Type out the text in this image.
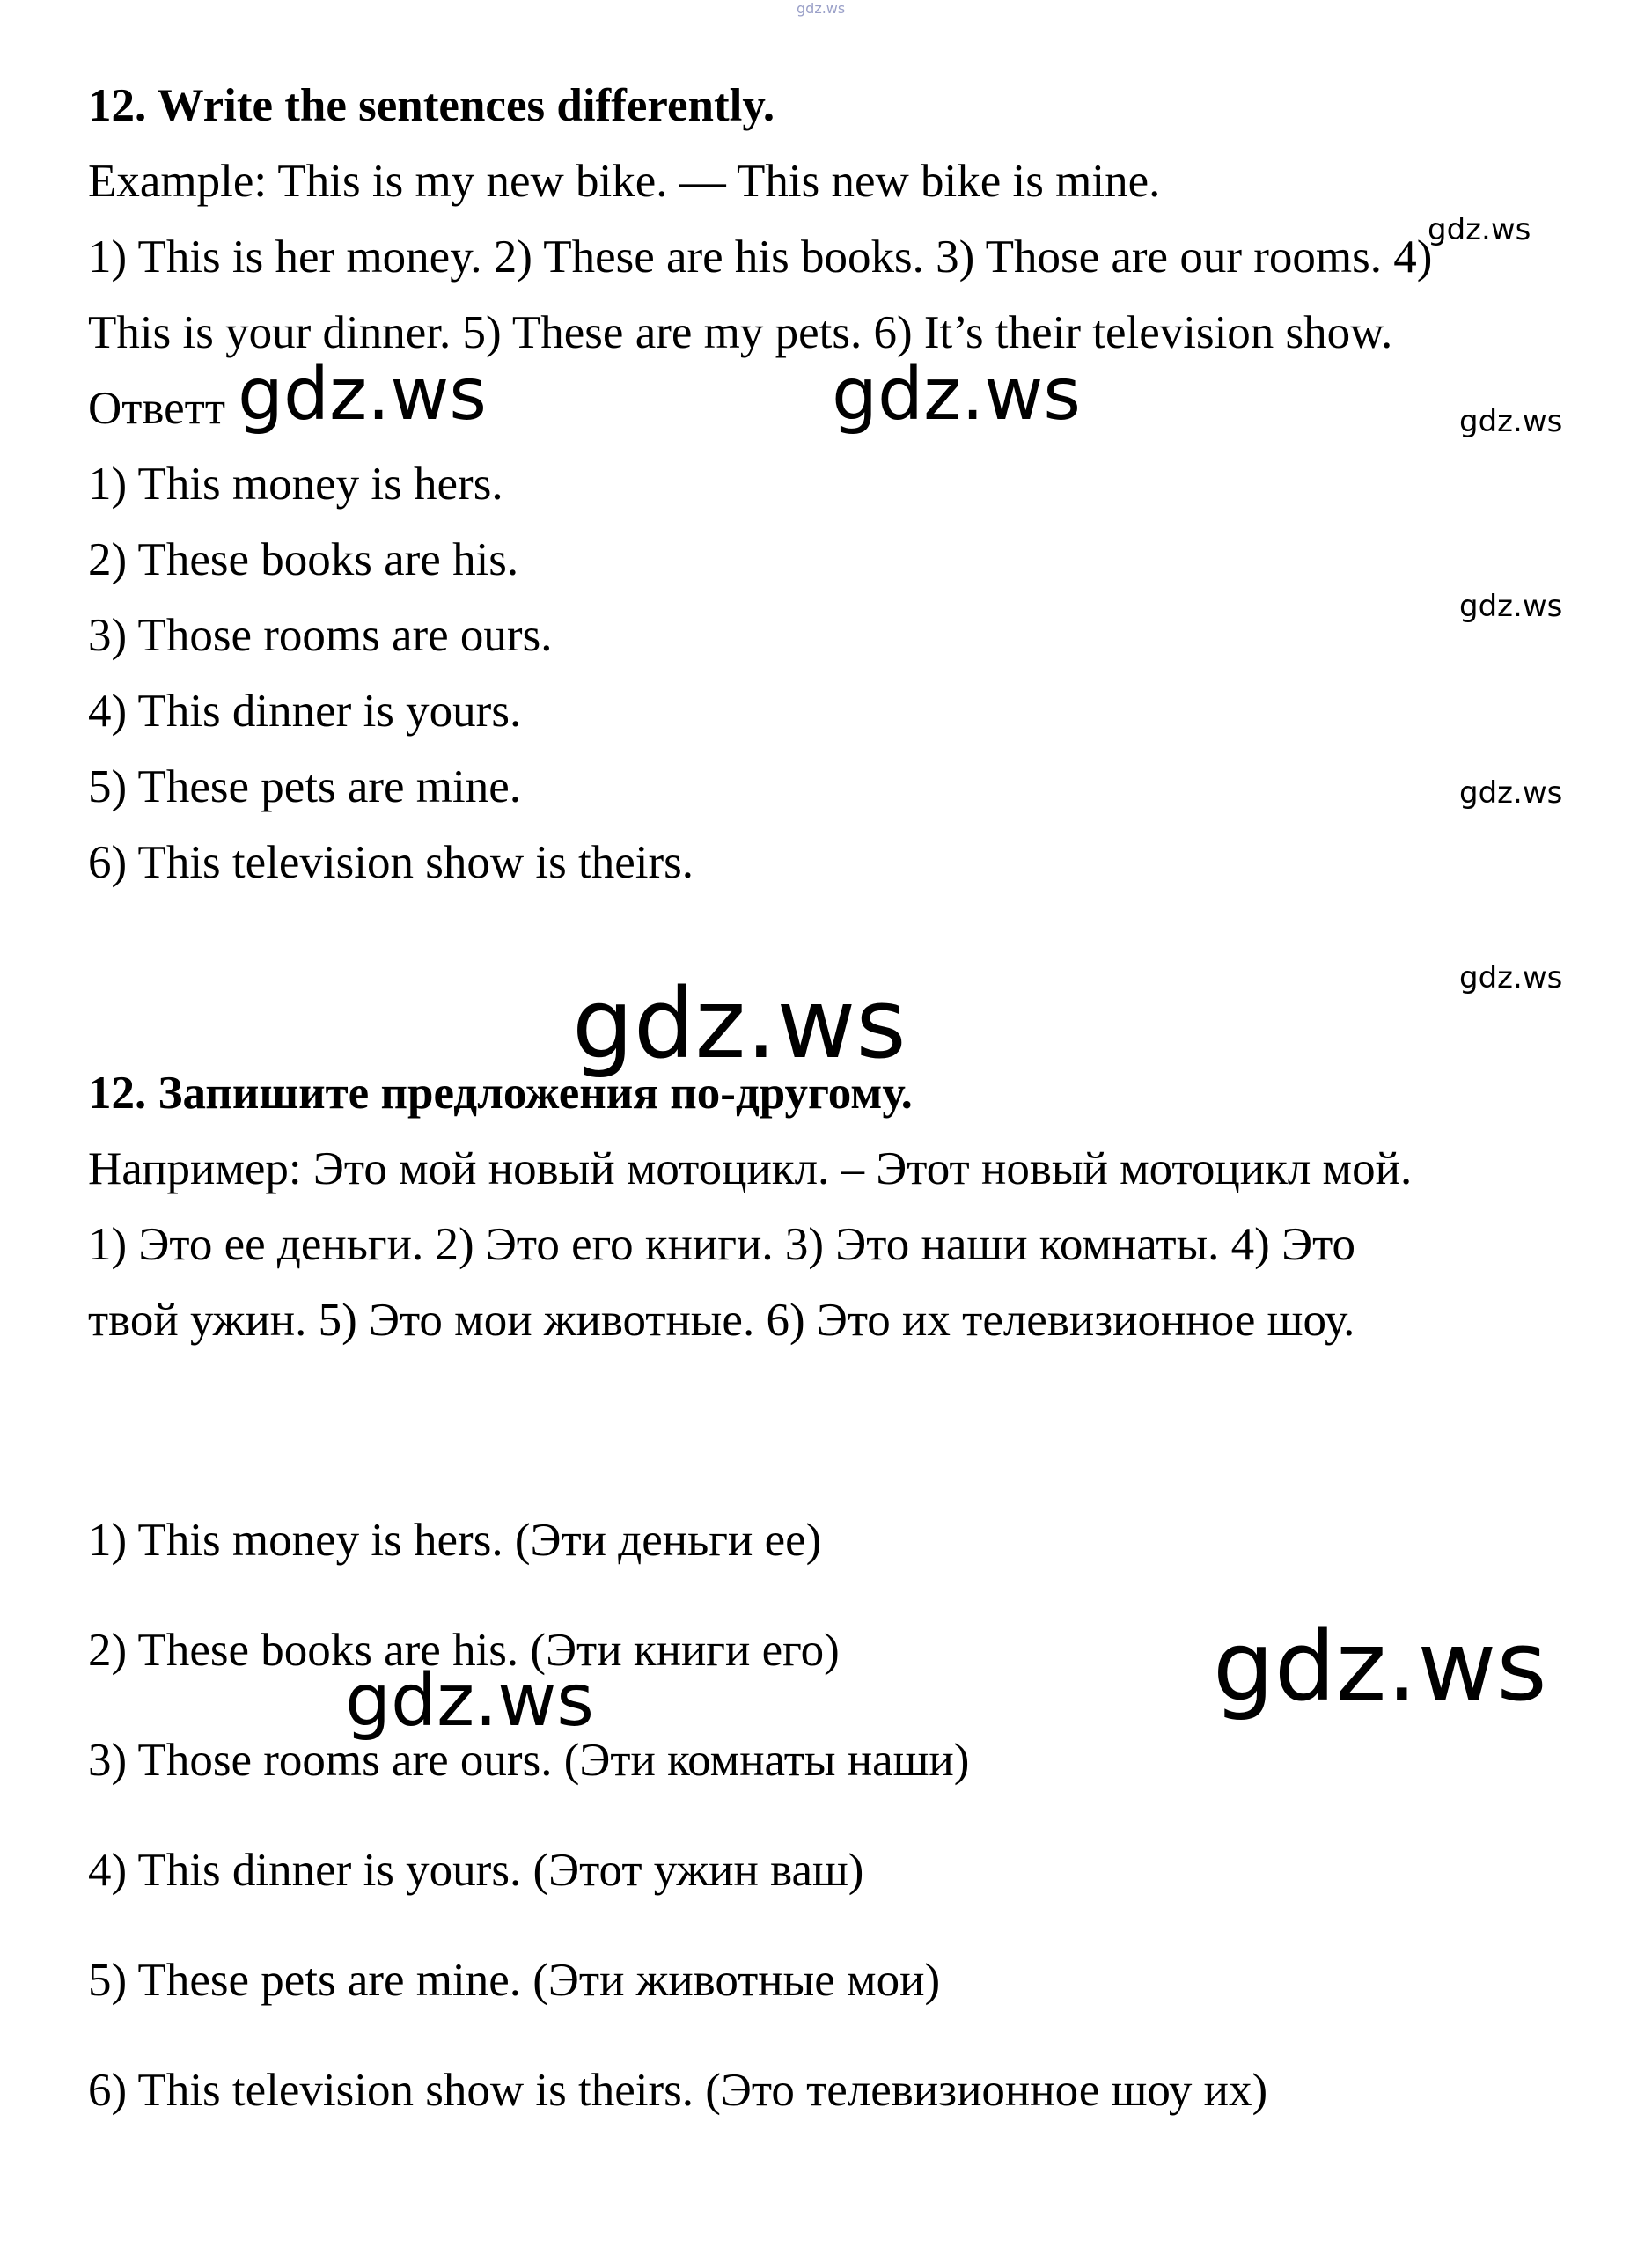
gdz.ws

12. Write the sentences differently.

Example: This is my new bike. — This new bike is mine.

1) This is her money. 2) These are his books. 3) Those are our rooms. 4)

This is your dinner. 5) These are my pets. 6) It’s their television show.

Ответт

1) This money is hers.

2) These books are his.

3) Those rooms are ours.

4) This dinner is yours.

5) These pets are mine.

6) This television show is theirs.

12. Запишите предложения по-другому.

Например: Это мой новый мотоцикл. – Этот новый мотоцикл мой.

1) Это ее деньги. 2) Это его книги. 3) Это наши комнаты. 4) Это

твой ужин. 5) Это мои животные. 6) Это их телевизионное шоу.

1) This money is hers. (Эти деньги ее)

2) These books are his. (Эти книги его)

3) Those rooms are ours. (Эти комнаты наши)

4) This dinner is yours. (Этот ужин ваш)

5) These pets are mine. (Эти животные мои)

6) This television show is theirs. (Это телевизионное шоу их)

gdz.ws
gdz.ws	gdz.ws	gdz.ws
gdz.ws
gdz.ws
gdz.ws
gdz.ws
gdz.ws
gdz.ws
